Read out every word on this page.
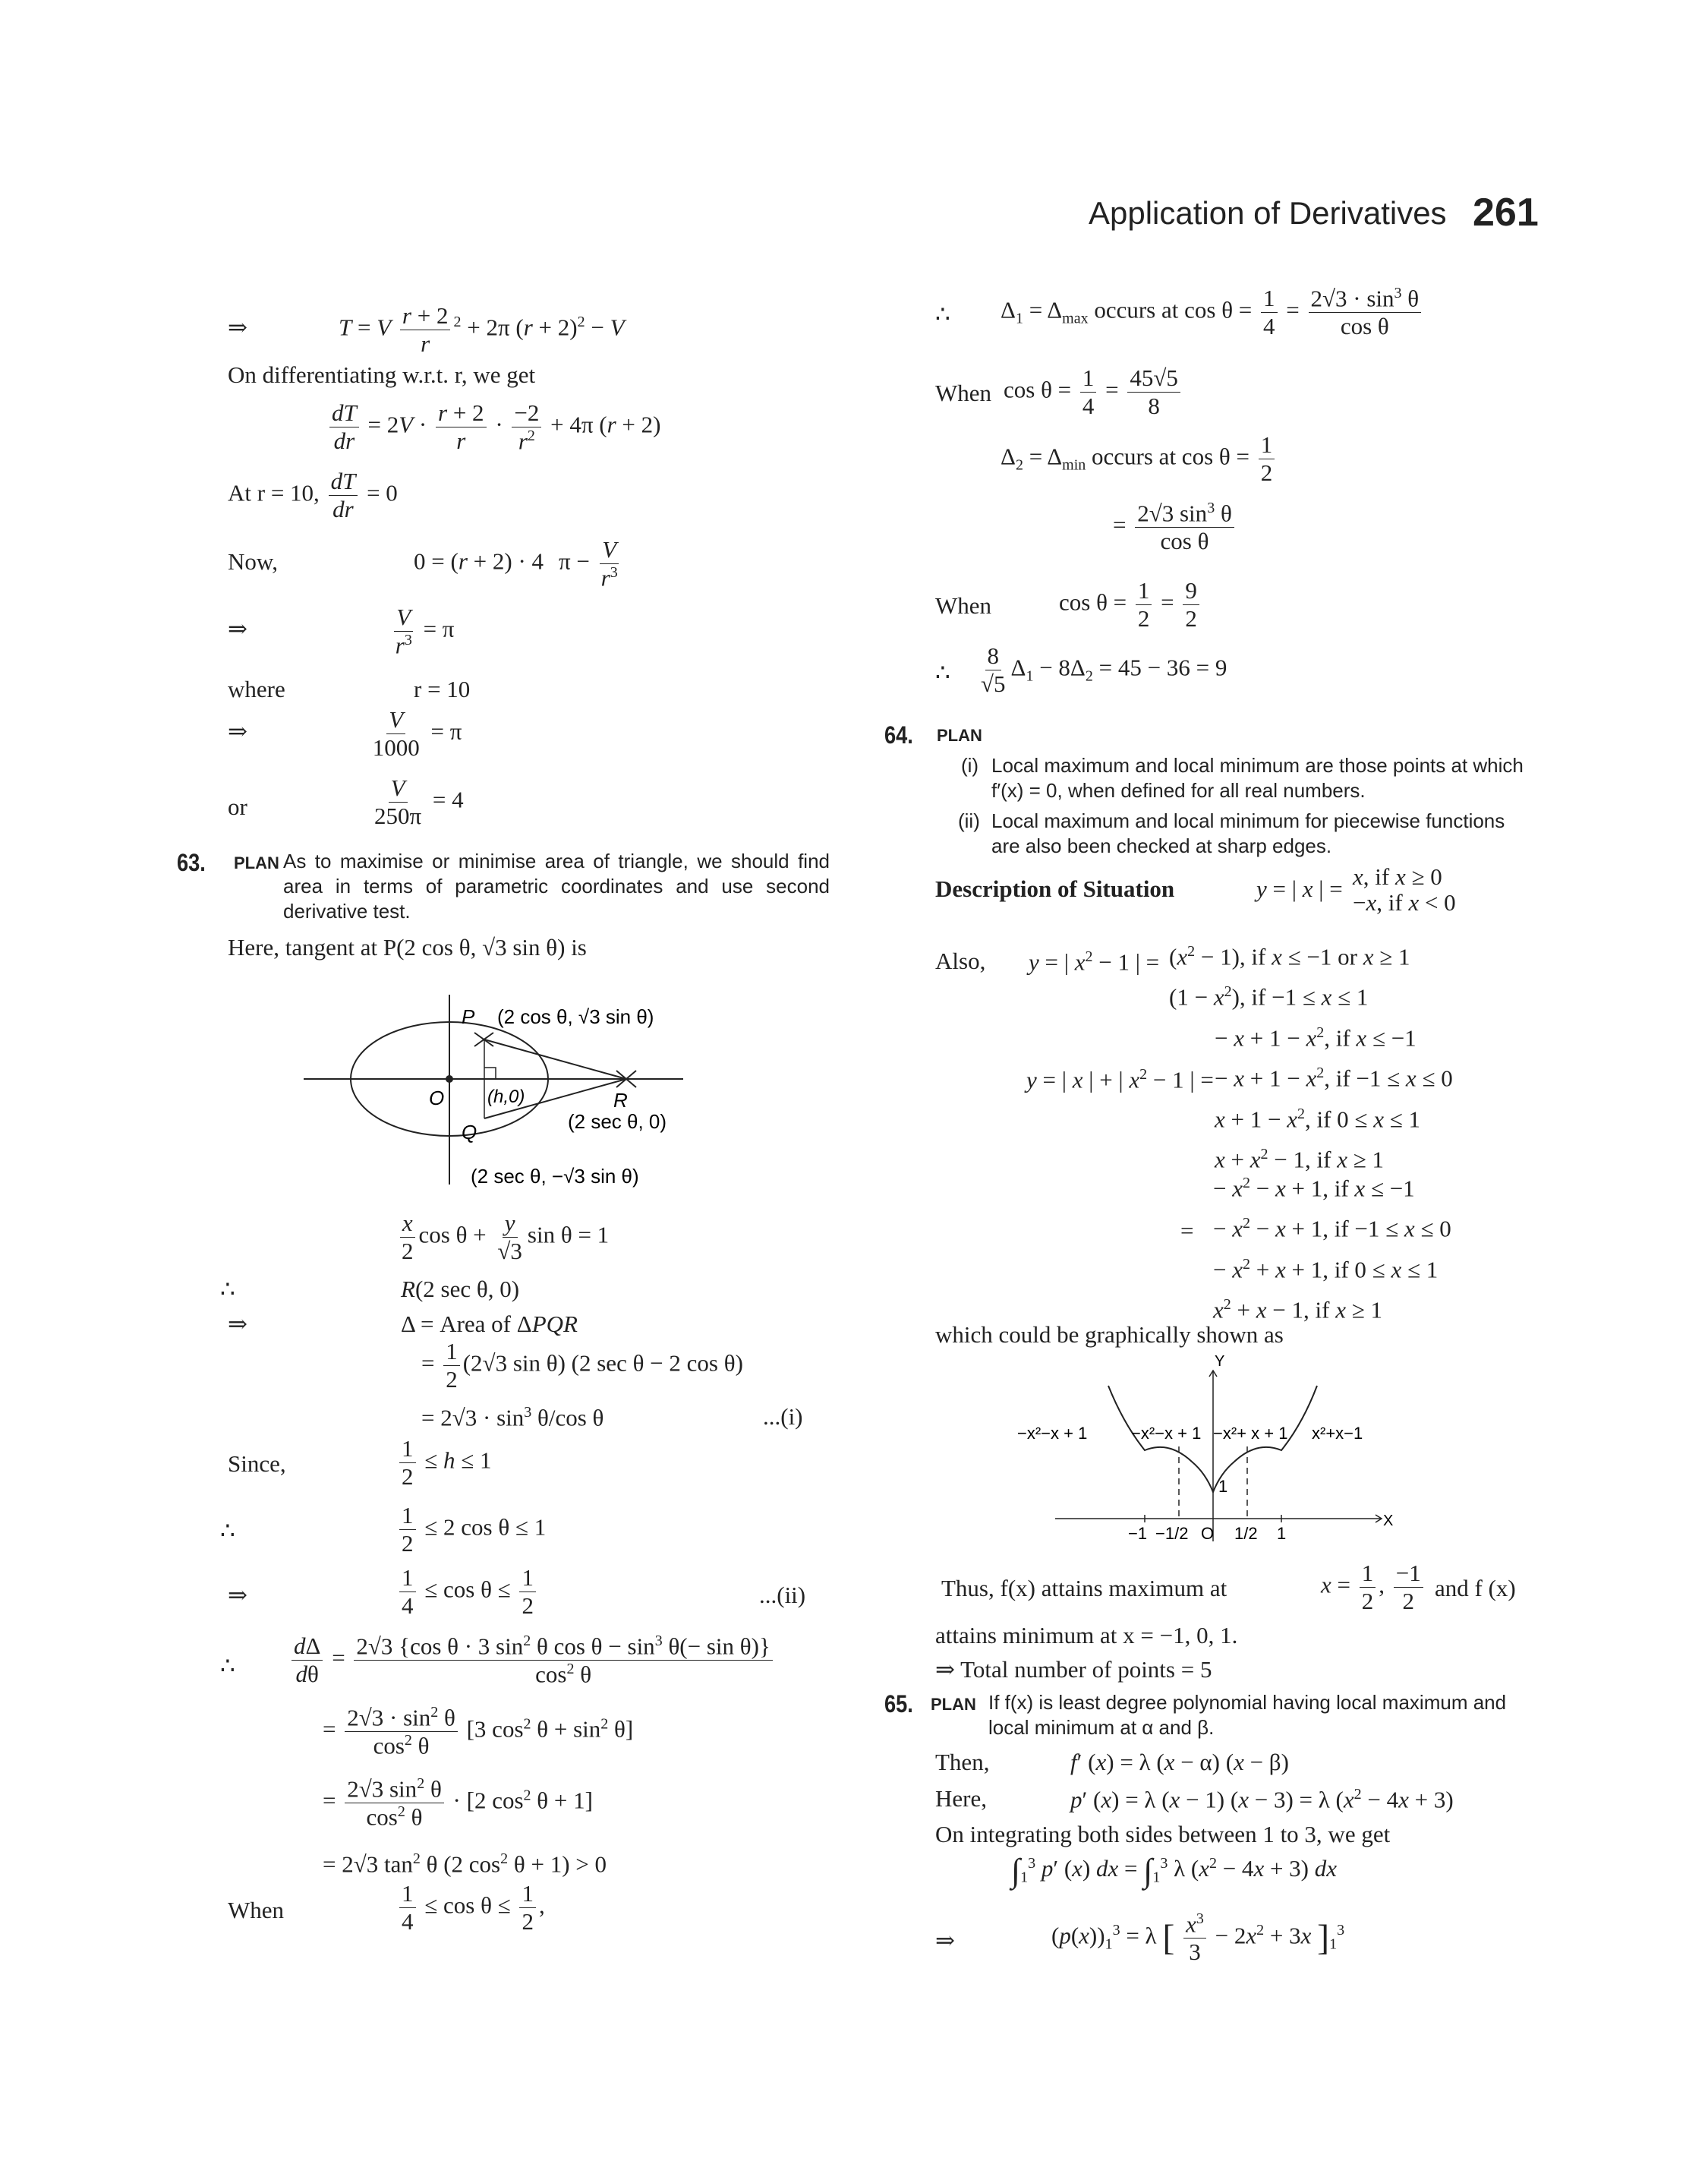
Application of Derivatives 261
⇒	T = V $\frac{r + 2}{r} ^2 + 2\pi$ $(r + 2)^2 - V$
On differentiating w.r.t. r, we get
$\frac{dT}{dr} = 2V \cdot \frac{r + 2}{r} \cdot \frac{-2}{r^2} + 4\pi$ (r + 2)
At r = 10, $\frac{dT}{dr} = 0$
Now,	0 = (r + 2) · 4 $\pi - \frac{V}{r^3}$
⇒	$\frac{V}{r^3} = \pi$
where	r = 10
⇒	$\frac{V}{1000} = \pi$
or	$\frac{V}{250\pi} = 4$
63. PLAN As to maximise or minimise area of triangle, we should find area in terms of parametric coordinates and use second derivative test.
Here, tangent at P(2 cos θ, √3 sin θ) is
P (2 cos θ, √3 sin θ)
O (h,0)	R
(2 sec θ, 0)
Q
(2 sec θ, −√3 sin θ)
$\frac{x}{2}$ $\cos \theta + \frac{y}{√3}$ sin θ = 1
∴	R(2 sec θ, 0)
⇒	Δ = Area of ΔPQR
= $\frac{1}{2} (2√3$ sin θ) (2 sec θ − 2 cos θ)
= $2√3 \cdot \sin^3 \theta/\cos$ θ	...(i)
Since,	$\frac{1}{2} \le h \le 1$
∴	$\frac{1}{2} \le 2$ cos θ ≤ 1
⇒	$\frac{1}{4} \le \cos \theta \le \frac{1}{2}$	...(ii)
∴ $\frac{d\Delta}{d\theta} = \frac{2√3 \{\cos \theta \cdot 3 \sin^2 \theta \cos \theta - \sin^3 \theta(- \sin \theta)\}}{\cos^2 \theta}$
= $\frac{2√3 \cdot \sin^2 \theta}{\cos^2 \theta} [3$ $\cos^2 \theta + \sin^2 \theta$]
= $\frac{2√3 \sin^2 \theta}{\cos^2 \theta} \cdot [2$ $\cos^2 \theta + 1$]
= 2√3 $\tan^2 \theta$ (2 $\cos^2 \theta + 1) > 0$
When	$\frac{1}{4} \le \cos \theta \le \frac{1}{2}$ ,
∴ $\Delta_1 = \Delta_{max}$ occurs at $\cos \theta = \frac{1}{4} = \frac{2√3 \cdot \sin^3 \theta}{\text{cos θ}}$
When $\cos \theta = \frac{1}{4} = \frac{45√5}{8}$
$\Delta_2 = \Delta_{min}$ occurs at $\cos \theta = \frac{1}{2}$
= $\frac{2√3 \sin^3 \theta}{\text{cos θ}}$
When	$\cos \theta = \frac{1}{2} = \frac{9}{2}$
∴ $\frac{8}{√5} \Delta_1 - 8\Delta_2 = 45 - 36 = 9$
64. PLAN
(i) Local maximum and local minimum are those points at which f′(x) = 0, when defined for all real numbers.
(ii) Local maximum and local minimum for piecewise functions are also been checked at sharp edges.
Description of Situation	y = | x | = x, if x ≥ 0
−x, if x < 0
Also, y = | $x^2 - 1$ | = $(x^2 - 1)$, if x ≤ −1 or x ≥ 1
$(1 - x^2)$, if −1 ≤ x ≤ 1
y = | x | + | $x^2 - 1$ | =
− $x + 1 - x^2$, if x ≤ −1
− $x + 1 - x^2$, if −1 ≤ x ≤ 0
$x + 1 - x^2$, if 0 ≤ x ≤ 1
$x + x^2 - 1$, if x ≥ 1
=
− $x^2 - x + 1$, if x ≤ −1
− $x^2 - x + 1$, if −1 ≤ x ≤ 0
− $x^2 + x + 1$, if 0 ≤ x ≤ 1
$x^2 + x - 1$, if x ≥ 1
which could be graphically shown as
1
Y
X
O
−x²−x + 1	−x²−x + 1 −x²+ x + 1 x²+x−1
−1 −1/2	1/2 1
Thus, f(x) attains maximum at	$x = \frac{1}{2}$ , $\frac{-1}{2}$ and f (x)
attains minimum at x = −1, 0, 1.
⇒ Total number of points = 5
65. PLAN If f(x) is least degree polynomial having local maximum and local minimum at α and β.
Then,	f′ (x) = λ (x − α) (x − β)
Here,	p′ (x) = λ (x − 1) (x − 3) = λ $(x^2 - 4x + 3)$
On integrating both sides between 1 to 3, we get
$\int_1^3$ p′ (x) dx = $\int_1^3$ λ $(x^2 - 4x + 3)$ dx
⇒	$(p(x))_1^3 = \lambda$ [ $\frac{x^3}{3} - 2x^2 + 3x$ ]$_1^3$
